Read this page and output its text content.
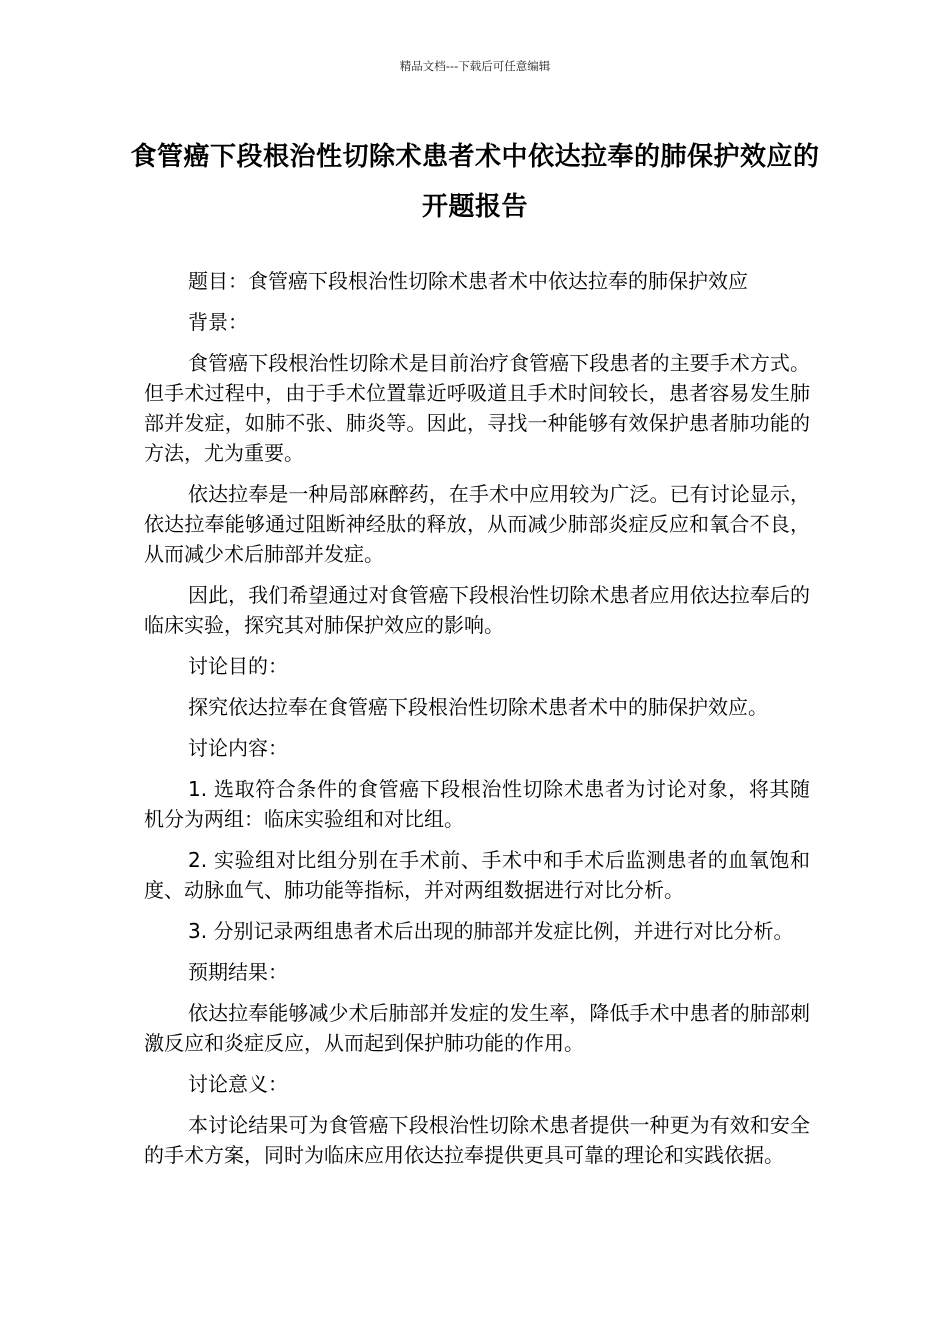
精品文档---下载后可任意编辑
食管癌下段根治性切除术患者术中依达拉奉的肺保护效应的开题报告

题目：食管癌下段根治性切除术患者术中依达拉奉的肺保护效应

背景：

食管癌下段根治性切除术是目前治疗食管癌下段患者的主要手术方式。但手术过程中，由于手术位置靠近呼吸道且手术时间较长，患者容易发生肺部并发症，如肺不张、肺炎等。因此，寻找一种能够有效保护患者肺功能的方法，尤为重要。

依达拉奉是一种局部麻醉药，在手术中应用较为广泛。已有讨论显示，依达拉奉能够通过阻断神经肽的释放，从而减少肺部炎症反应和氧合不良，从而减少术后肺部并发症。

因此，我们希望通过对食管癌下段根治性切除术患者应用依达拉奉后的临床实验，探究其对肺保护效应的影响。

讨论目的：

探究依达拉奉在食管癌下段根治性切除术患者术中的肺保护效应。

讨论内容：

1. 选取符合条件的食管癌下段根治性切除术患者为讨论对象，将其随机分为两组：临床实验组和对比组。

2. 实验组对比组分别在手术前、手术中和手术后监测患者的血氧饱和度、动脉血气、肺功能等指标，并对两组数据进行对比分析。

3. 分别记录两组患者术后出现的肺部并发症比例，并进行对比分析。

预期结果：

依达拉奉能够减少术后肺部并发症的发生率，降低手术中患者的肺部刺激反应和炎症反应，从而起到保护肺功能的作用。

讨论意义：

本讨论结果可为食管癌下段根治性切除术患者提供一种更为有效和安全的手术方案，同时为临床应用依达拉奉提供更具可靠的理论和实践依据。
